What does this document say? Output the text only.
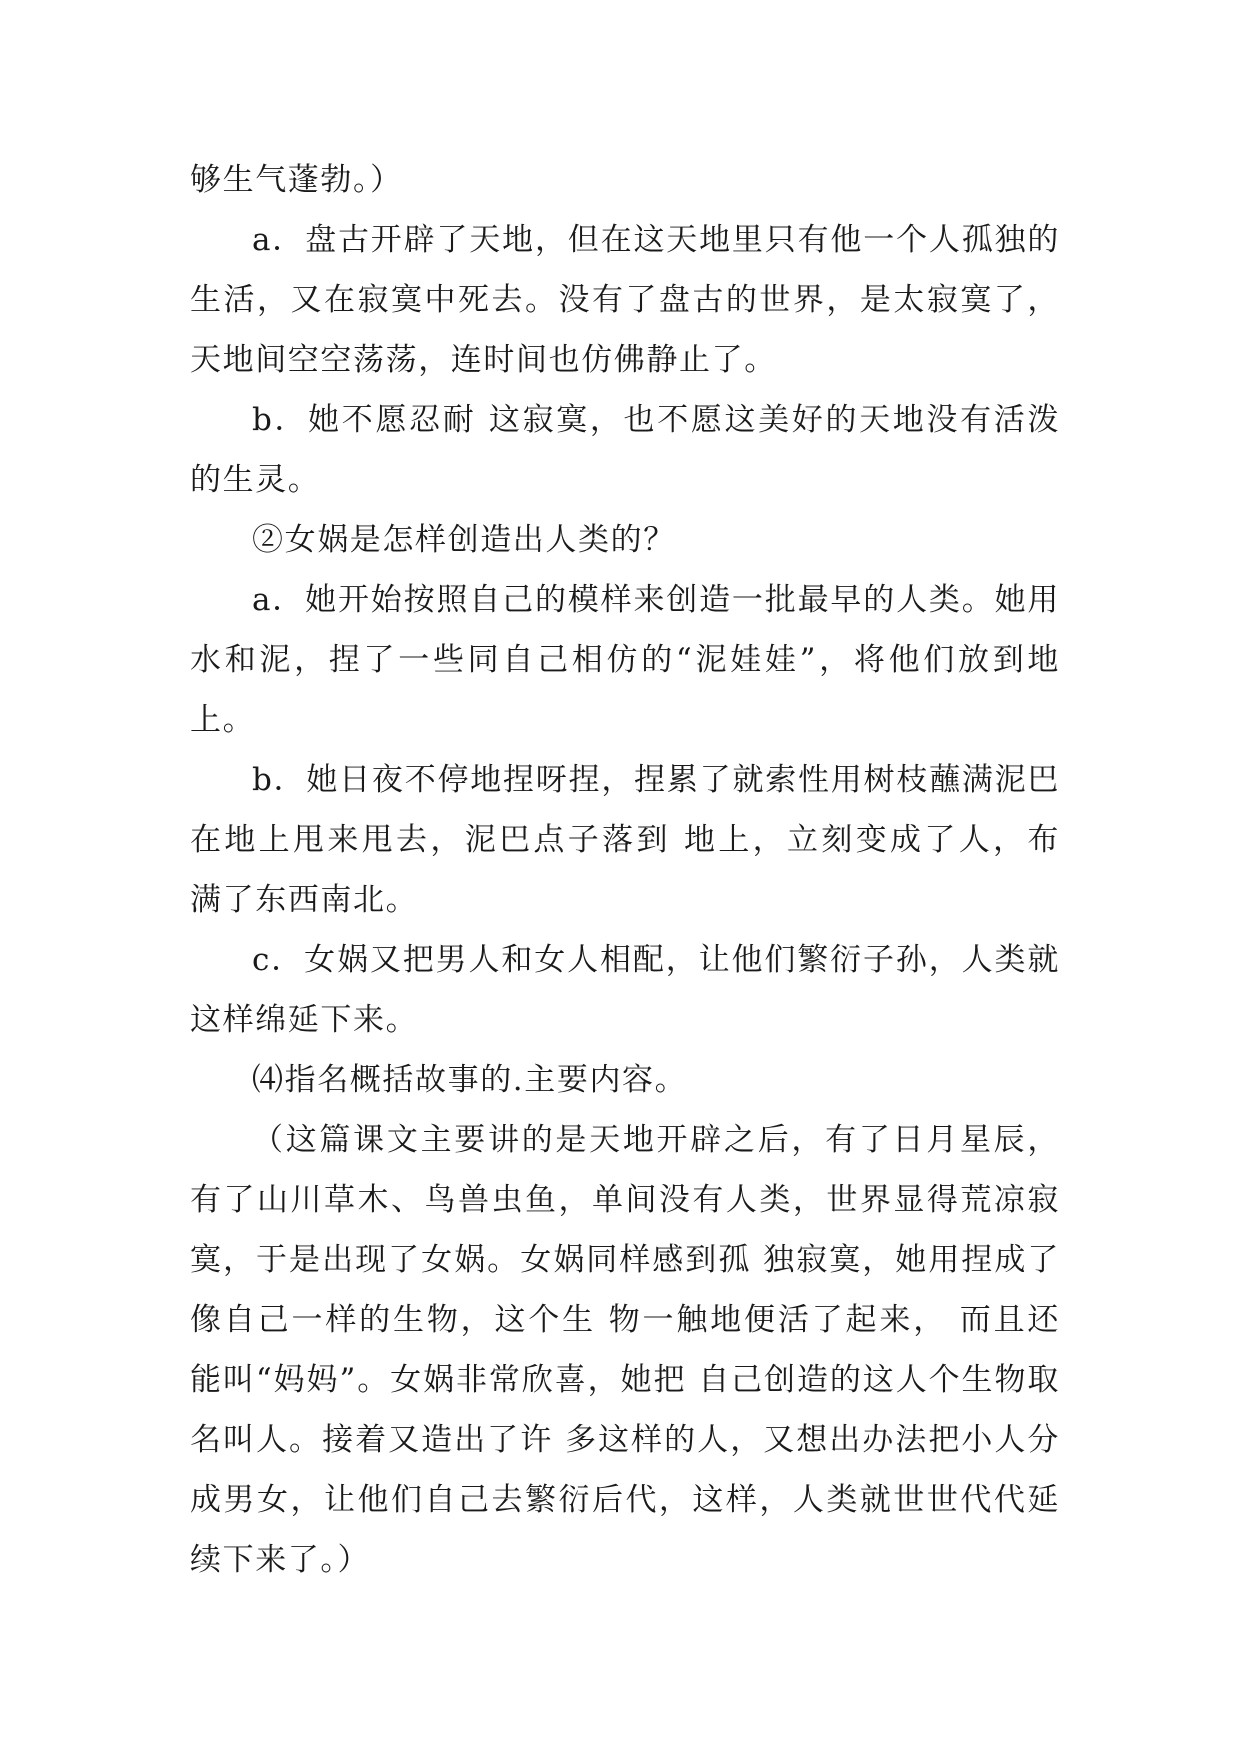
够生气蓬勃。）

a．盘古开辟了天地，但在这天地里只有他一个人孤独的生活，又在寂寞中死去。没有了盘古的世界，是太寂寞了，天地间空空荡荡，连时间也仿佛静止了。

b．她不愿忍耐 这寂寞，也不愿这美好的天地没有活泼的生灵。

②女娲是怎样创造出人类的？

a．她开始按照自己的模样来创造一批最早的人类。她用水和泥，捏了一些同自己相仿的“泥娃娃”，将他们放到地上。

b．她日夜不停地捏呀捏，捏累了就索性用树枝蘸满泥巴在地上甩来甩去，泥巴点子落到 地上，立刻变成了人，布 满了东西南北。

c．女娲又把男人和女人相配，让他们繁衍子孙，人类就这样绵延下来。

⑷指名概括故事的.主要内容。

（这篇课文主要讲的是天地开辟之后，有了日月星辰，有了山川草木、鸟兽虫鱼，单间没有人类，世界显得荒凉寂寞，于是出现了女娲。女娲同样感到孤 独寂寞，她用捏成了像自己一样的生物，这个生 物一触地便活了起来， 而且还能叫“妈妈”。女娲非常欣喜，她把 自己创造的这人个生物取名叫人。接着又造出了许 多这样的人，又想出办法把小人分成男女，让他们自己去繁衍后代，这样，人类就世世代代延续下来了。）
